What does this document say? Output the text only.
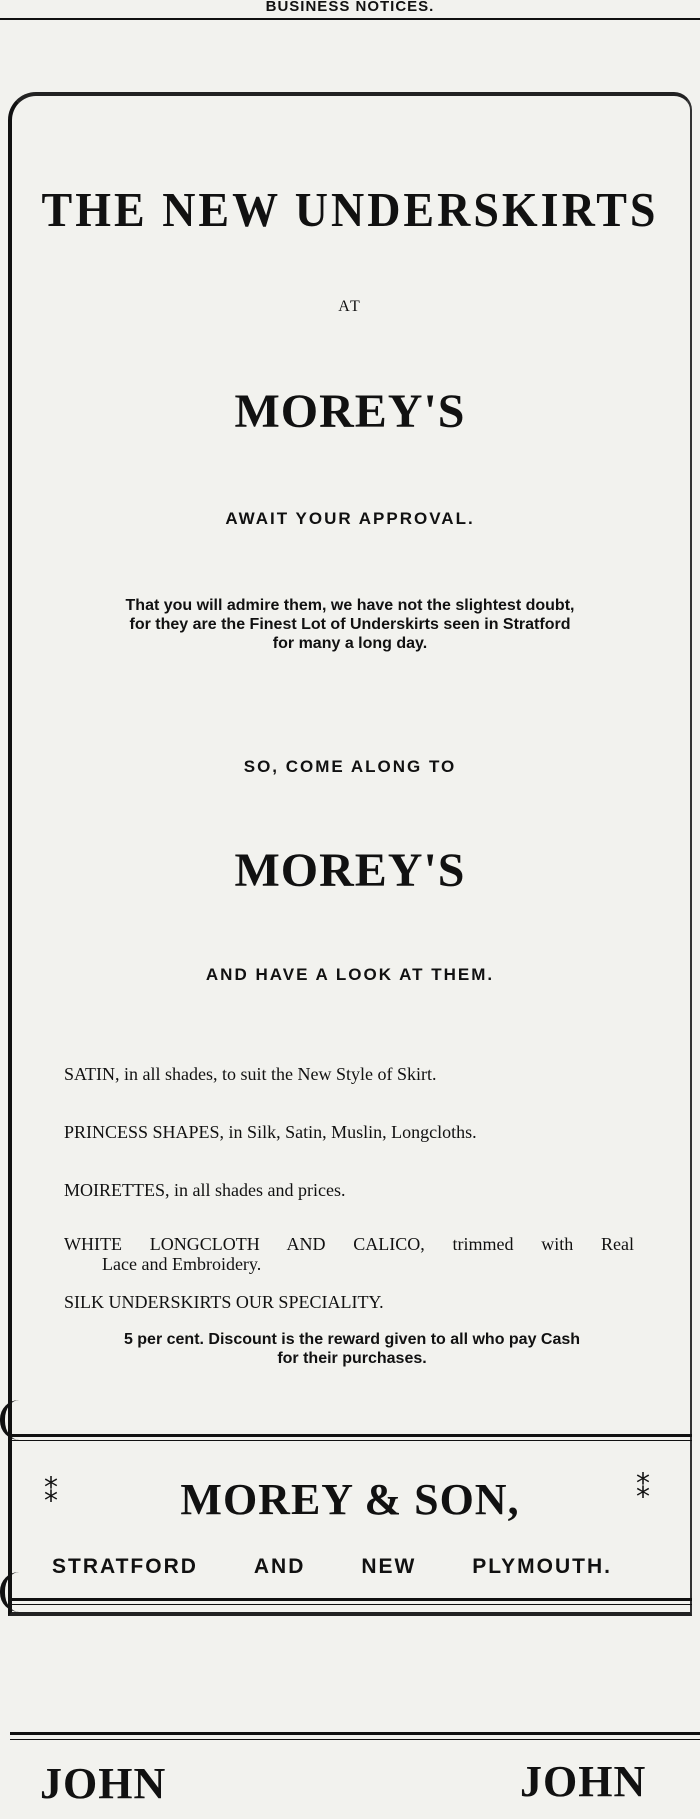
BUSINESS NOTICES.
THE NEW UNDERSKIRTS
AT
MOREY'S
AWAIT YOUR APPROVAL.
That you will admire them, we have not the slightest doubt,
for they are the Finest Lot of Underskirts seen in Stratford
for many a long day.
SO, COME ALONG TO
MOREY'S
AND HAVE A LOOK AT THEM.
SATIN, in all shades, to suit the New Style of Skirt.
PRINCESS SHAPES, in Silk, Satin, Muslin, Longcloths.
MOIRETTES, in all shades and prices.
WHITE LONGCLOTH AND CALICO, trimmed with Real
Lace and Embroidery.
SILK UNDERSKIRTS OUR SPECIALITY.
5 per cent. Discount is the reward given to all who pay Cash
for their purchases.
⁑	MOREY & SON,	⁑
STRATFORD	AND	NEW	PLYMOUTH.
JOHN	JOHN
